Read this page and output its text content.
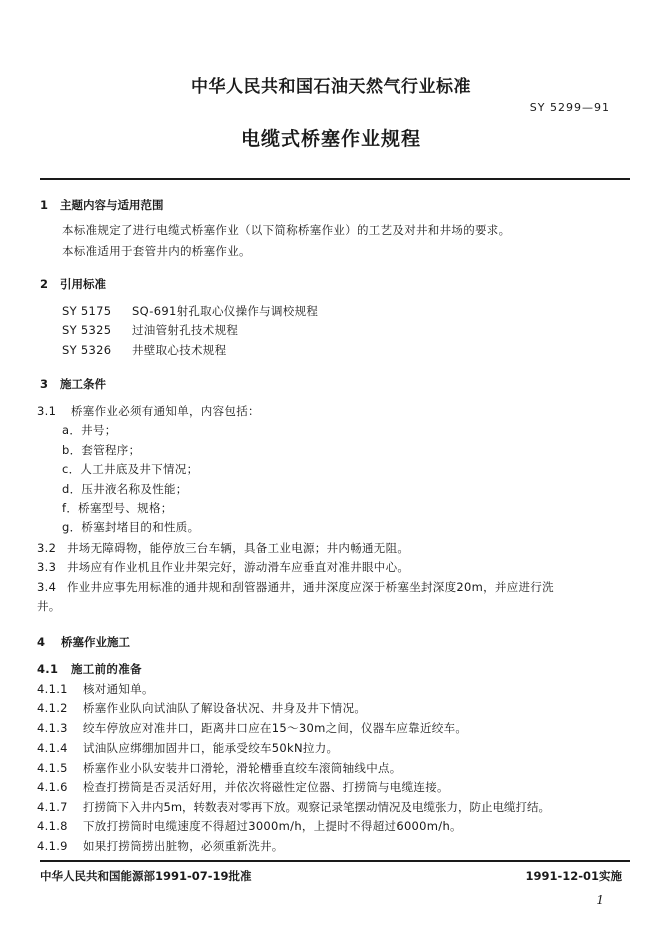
中华人民共和国石油天然气行业标准
SY 5299—91
电缆式桥塞作业规程
1 主题内容与适用范围
本标准规定了进行电缆式桥塞作业（以下简称桥塞作业）的工艺及对井和井场的要求。
本标准适用于套管井内的桥塞作业。
2 引用标准
SY 5175 SQ-691射孔取心仪操作与调校规程
SY 5325 过油管射孔技术规程
SY 5326 井壁取心技术规程
3 施工条件
3.1 桥塞作业必须有通知单，内容包括：
a．井号；
b．套管程序；
c．人工井底及井下情况；
d．压井液名称及性能；
f．桥塞型号、规格；
g．桥塞封堵目的和性质。
3.2 井场无障碍物，能停放三台车辆，具备工业电源；井内畅通无阻。
3.3 井场应有作业机且作业井架完好，游动滑车应垂直对准井眼中心。
3.4 作业井应事先用标准的通井规和刮管器通井，通井深度应深于桥塞坐封深度20m，并应进行洗
井。
4 桥塞作业施工
4.1 施工前的准备
4.1.1 核对通知单。
4.1.2 桥塞作业队向试油队了解设备状况、井身及井下情况。
4.1.3 绞车停放应对准井口，距离井口应在15～30m之间，仪器车应靠近绞车。
4.1.4 试油队应绑绷加固井口，能承受绞车50kN拉力。
4.1.5 桥塞作业小队安装井口滑轮，滑轮槽垂直绞车滚筒轴线中点。
4.1.6 检查打捞筒是否灵活好用，并依次将磁性定位器、打捞筒与电缆连接。
4.1.7 打捞筒下入井内5m，转数表对零再下放。观察记录笔摆动情况及电缆张力，防止电缆打结。
4.1.8 下放打捞筒时电缆速度不得超过3000m/h，上提时不得超过6000m/h。
4.1.9 如果打捞筒捞出脏物，必须重新洗井。
中华人民共和国能源部1991-07-19批准	1991-12-01实施
1
